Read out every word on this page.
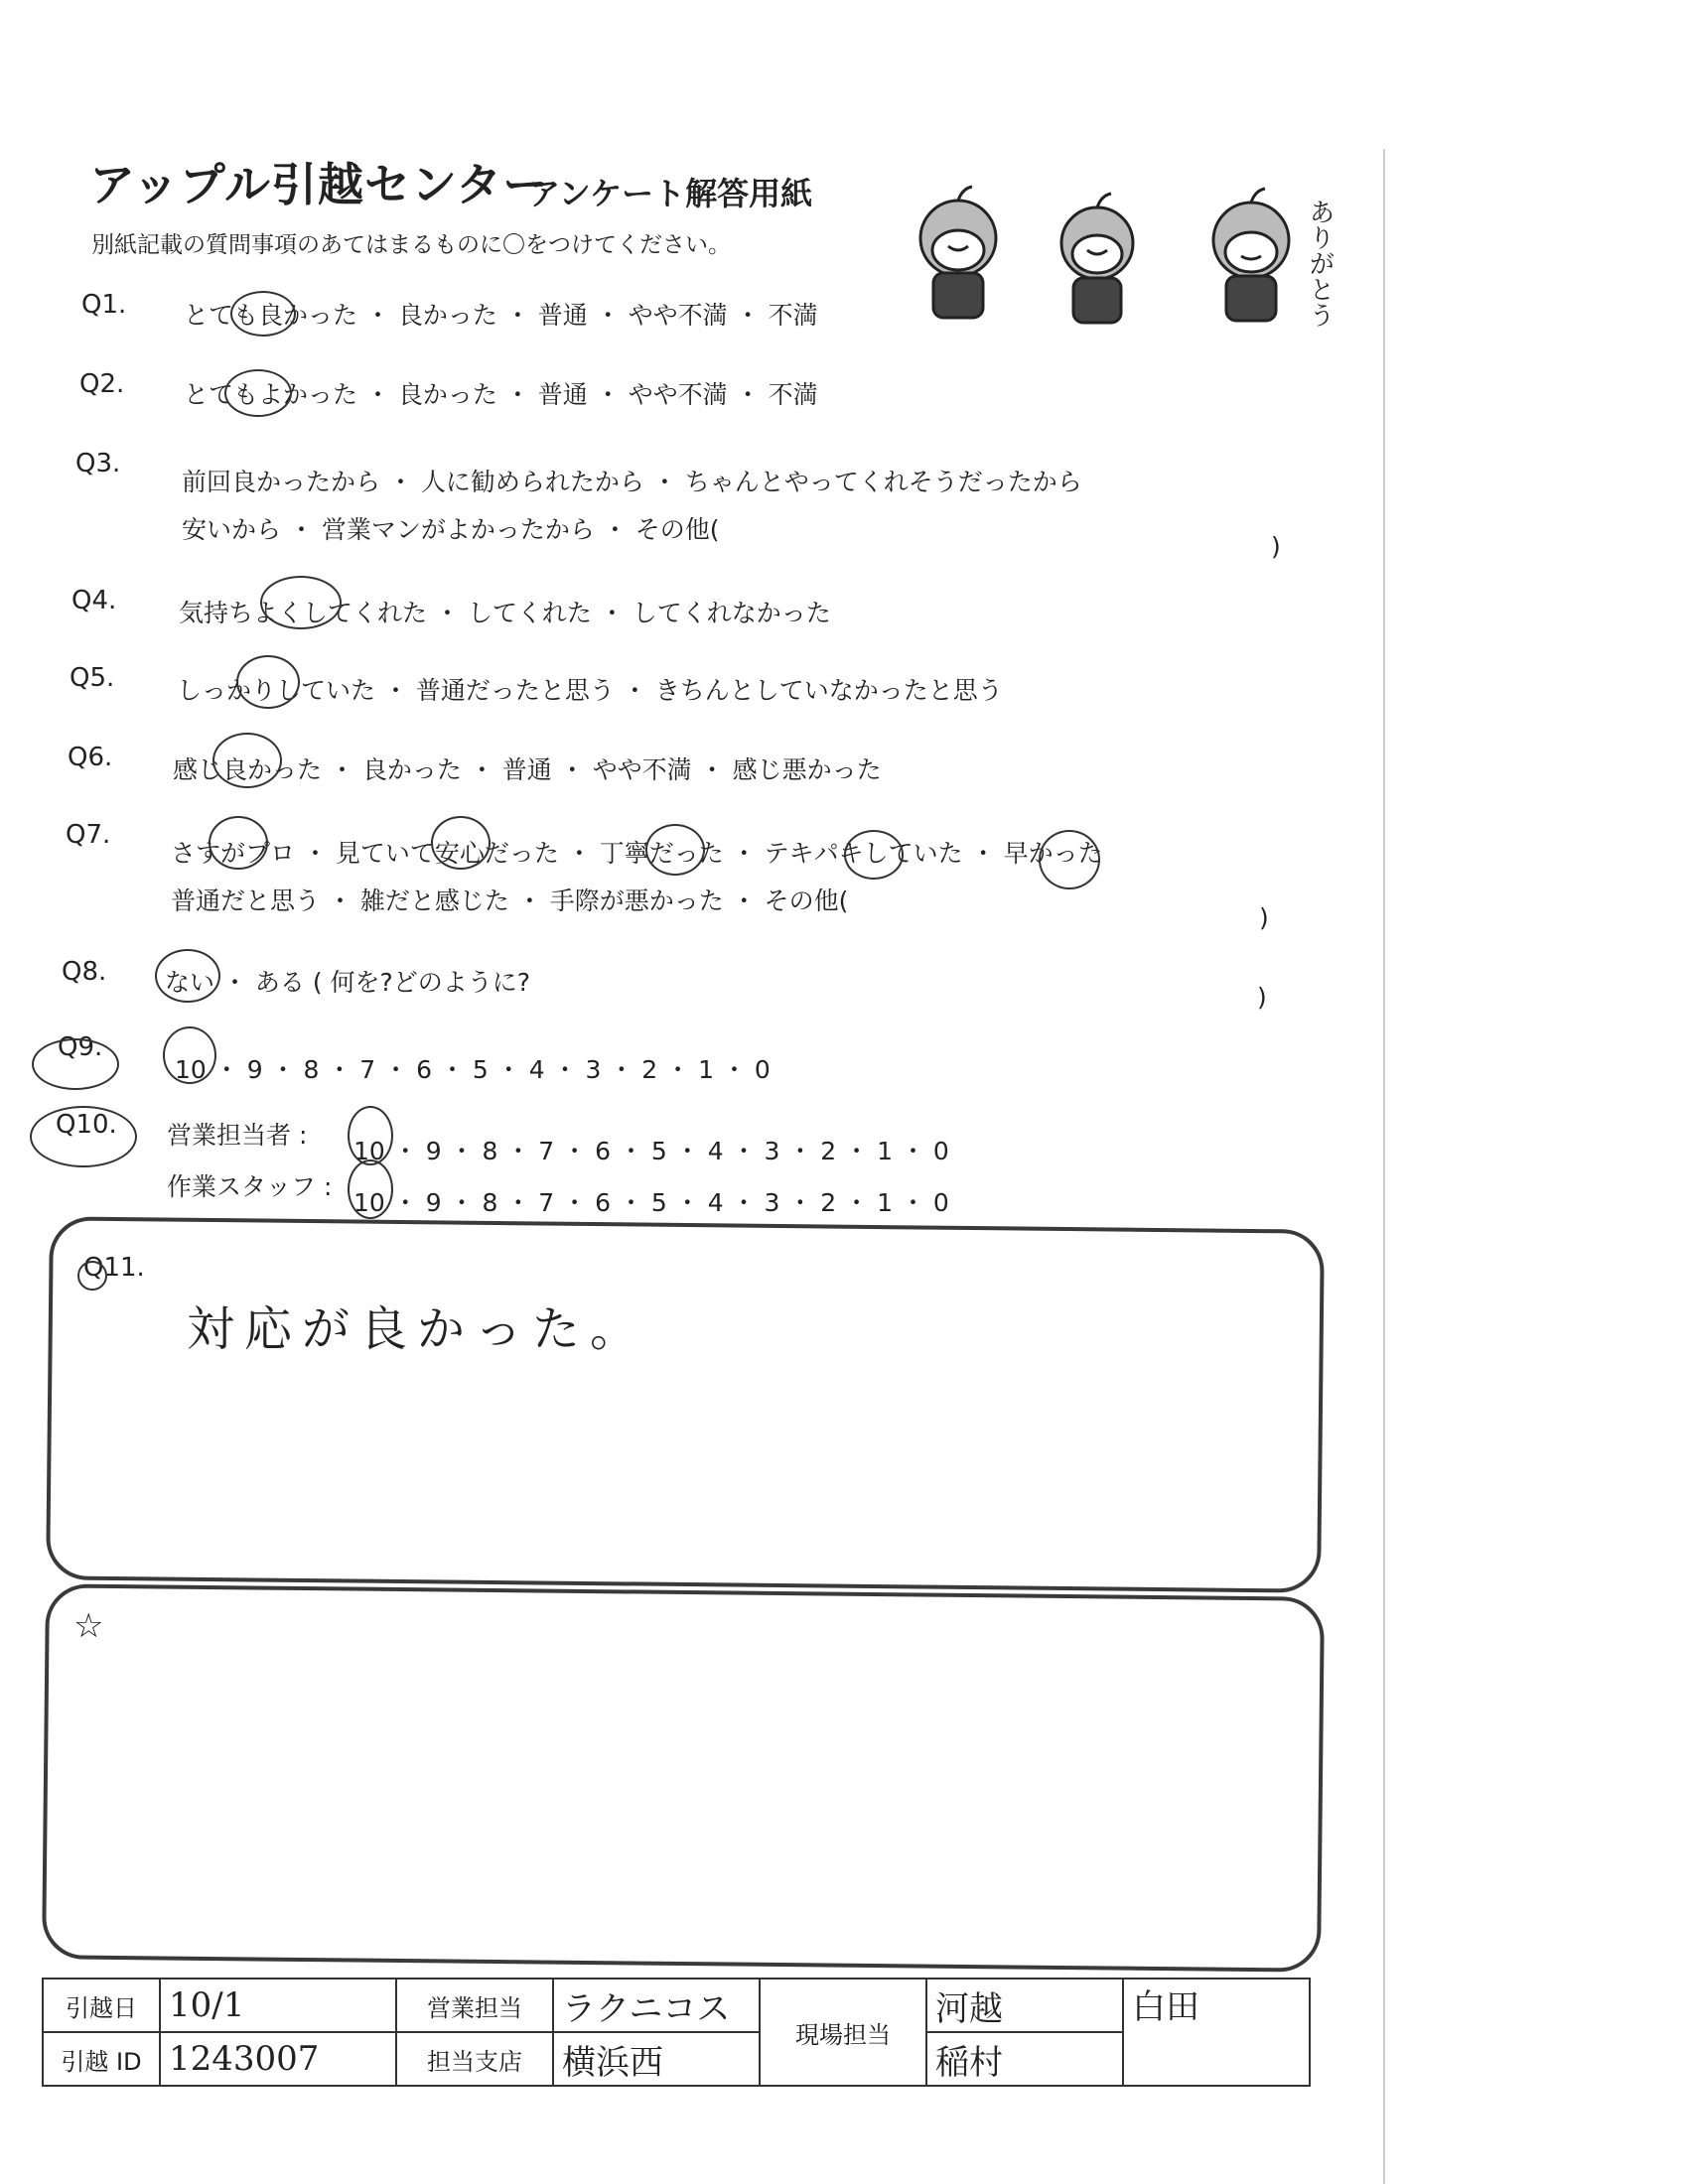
アップル引越センター
アンケート解答用紙
別紙記載の質問事項のあてはまるものに〇をつけてください。	ありがとう
Q1. とても良かった ・ 良かった ・ 普通 ・ やや不満 ・ 不満
Q2. とてもよかった ・ 良かった ・ 普通 ・ やや不満 ・ 不満
Q3.
前回良かったから ・ 人に勧められたから ・ ちゃんとやってくれそうだったから
安いから ・ 営業マンがよかったから ・ その他(
)
Q4.	気持ちよくしてくれた ・ してくれた ・ してくれなかった
Q5.	しっかりしていた ・ 普通だったと思う ・ きちんとしていなかったと思う
Q6. 感じ良かった ・ 良かった ・ 普通 ・ やや不満 ・ 感じ悪かった
Q7.
さすがプロ ・ 見ていて安心だった ・ 丁寧だった ・ テキパキしていた ・ 早かった
普通だと思う ・ 雑だと感じた ・ 手際が悪かった ・ その他(
)
Q8. ない ・ ある ( 何を?どのように?
)
Q9.
10 ・ 9 ・ 8 ・ 7 ・ 6 ・ 5 ・ 4 ・ 3 ・ 2 ・ 1 ・ 0
Q10. 営業担当者 :
10 ・ 9 ・ 8 ・ 7 ・ 6 ・ 5 ・ 4 ・ 3 ・ 2 ・ 1 ・ 0
作業スタッフ :
10 ・ 9 ・ 8 ・ 7 ・ 6 ・ 5 ・ 4 ・ 3 ・ 2 ・ 1 ・ 0
Q11.
対応が良かった。
☆
引越日	10/1	営業担当	ラクニコス	現場担当	河越	白田
引越 ID	1243007	担当支店	横浜西		稲村	
